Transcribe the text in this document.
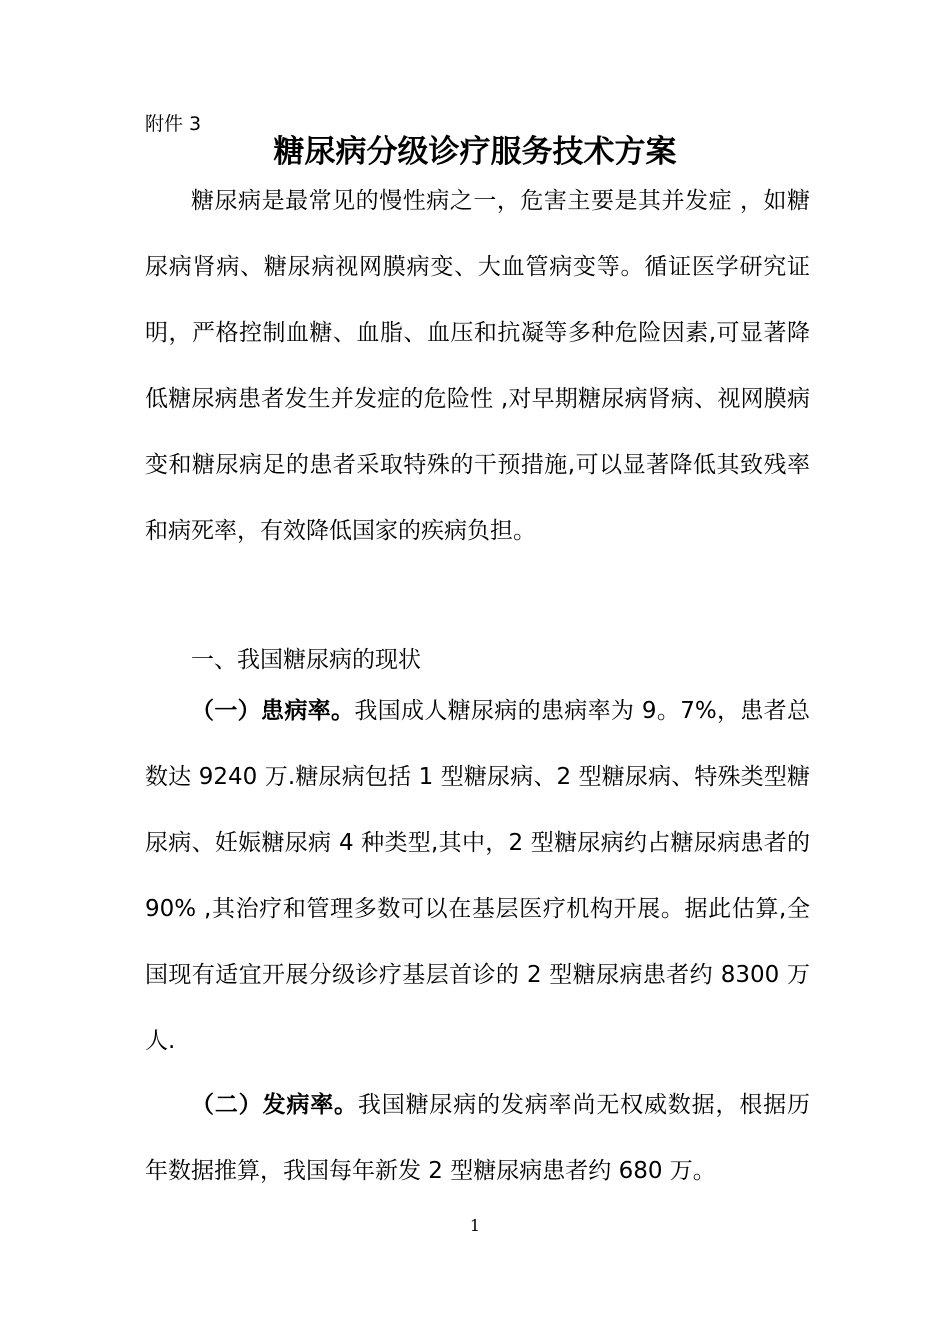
附件 3
糖尿病分级诊疗服务技术方案

糖尿病是最常见的慢性病之一，危害主要是其并发症 ，如糖尿病肾病、糖尿病视网膜病变、大血管病变等。循证医学研究证明，严格控制血糖、血脂、血压和抗凝等多种危险因素,可显著降低糖尿病患者发生并发症的危险性 ,对早期糖尿病肾病、视网膜病变和糖尿病足的患者采取特殊的干预措施,可以显著降低其致残率和病死率，有效降低国家的疾病负担。

一、我国糖尿病的现状

（一）患病率。我国成人糖尿病的患病率为 9。7%，患者总数达 9240 万.糖尿病包括 1 型糖尿病、2 型糖尿病、特殊类型糖尿病、妊娠糖尿病 4 种类型,其中，2 型糖尿病约占糖尿病患者的 90% ,其治疗和管理多数可以在基层医疗机构开展。据此估算,全国现有适宜开展分级诊疗基层首诊的 2 型糖尿病患者约 8300 万人.

（二）发病率。我国糖尿病的发病率尚无权威数据，根据历年数据推算，我国每年新发 2 型糖尿病患者约 680 万。

1
